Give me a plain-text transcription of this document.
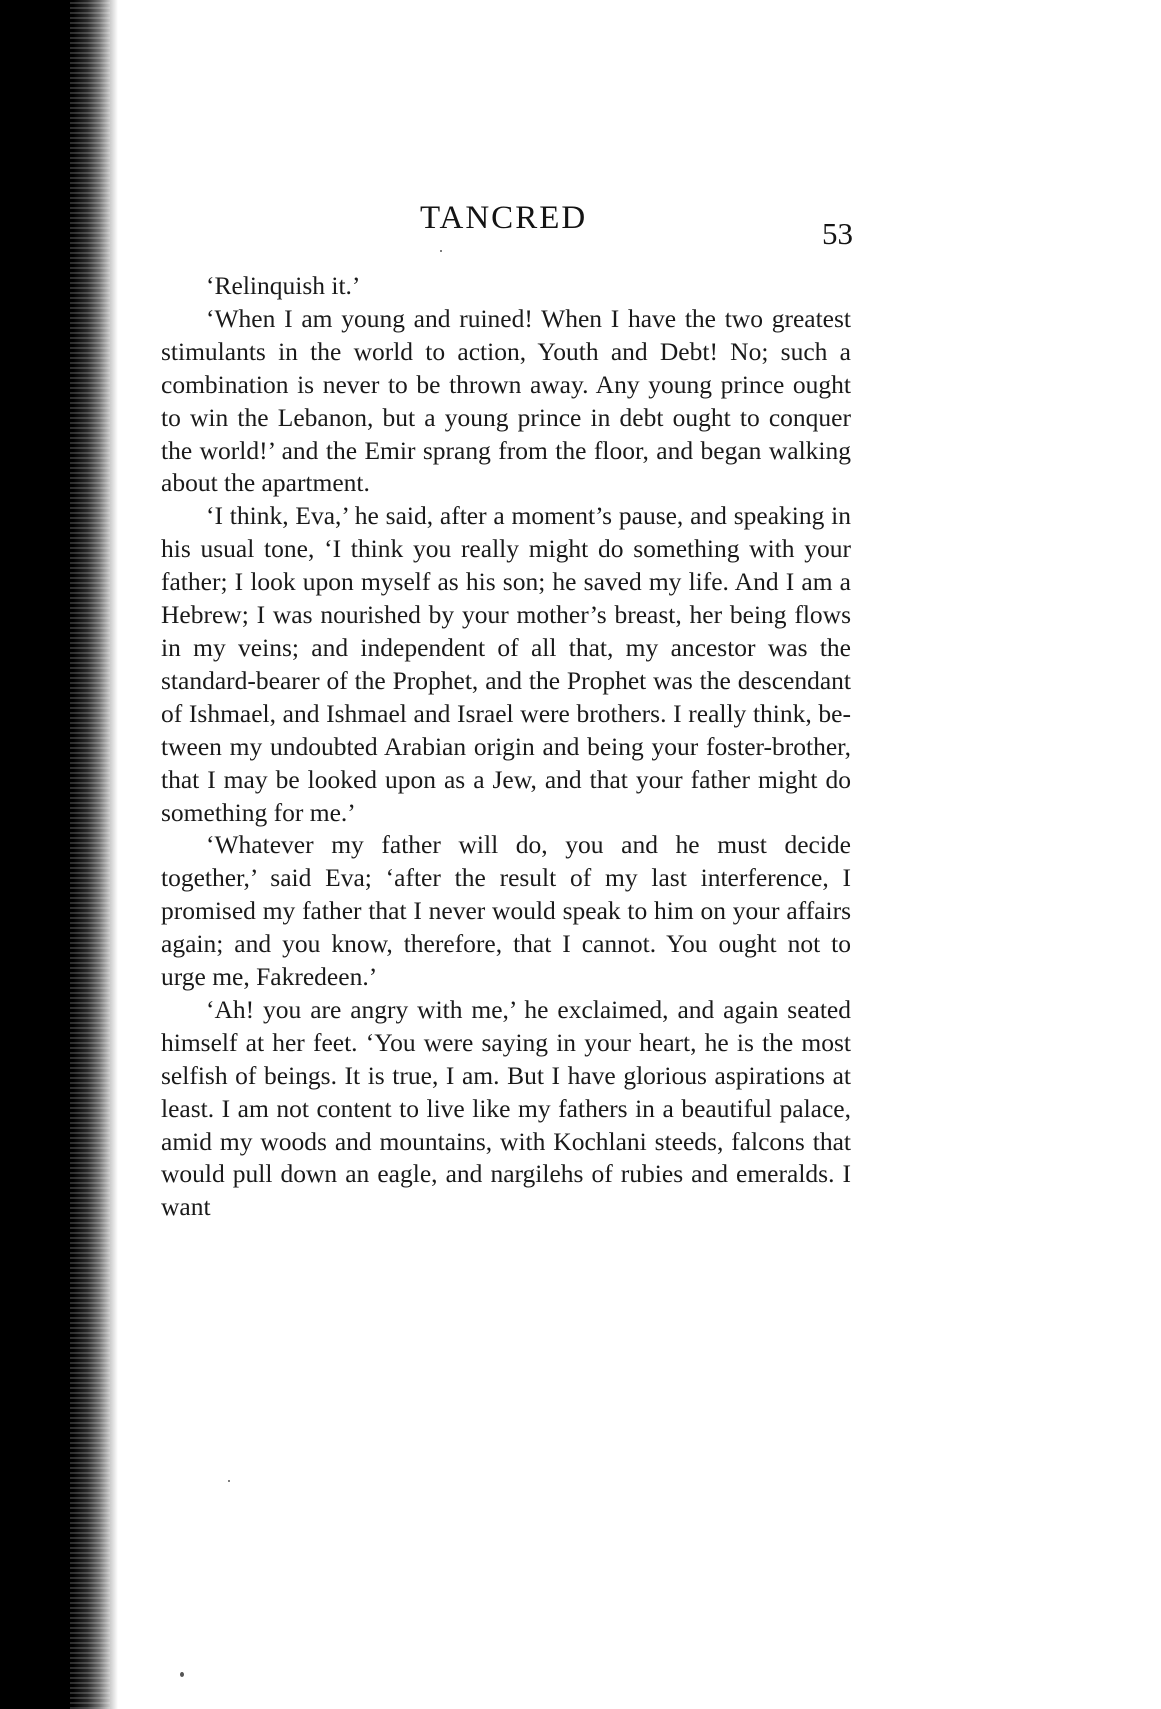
TANCRED	53

‘Relinquish it.’

‘When I am young and ruined! When I have the two greatest stimulants in the world to action, Youth and Debt! No; such a combination is never to be thrown away. Any young prince ought to win the Lebanon, but a young prince in debt ought to conquer the world!’ and the Emir sprang from the floor, and began walking about the apartment.

‘I think, Eva,’ he said, after a moment’s pause, and speaking in his usual tone, ‘I think you really might do something with your father; I look upon myself as his son; he saved my life. And I am a Hebrew; I was nourished by your mother’s breast, her being flows in my veins; and independent of all that, my ancestor was the standard-bearer of the Prophet, and the Prophet was the descendant of Ishmael, and Ishmael and Israel were brothers. I really think, between my undoubted Arabian origin and being your foster-brother, that I may be looked upon as a Jew, and that your father might do something for me.’

‘Whatever my father will do, you and he must decide together,’ said Eva; ‘after the result of my last interference, I promised my father that I never would speak to him on your affairs again; and you know, therefore, that I cannot. You ought not to urge me, Fakredeen.’

‘Ah! you are angry with me,’ he exclaimed, and again seated himself at her feet. ‘You were saying in your heart, he is the most selfish of beings. It is true, I am. But I have glorious aspirations at least. I am not content to live like my fathers in a beautiful palace, amid my woods and mountains, with Kochlani steeds, falcons that would pull down an eagle, and nargilehs of rubies and emeralds. I want
